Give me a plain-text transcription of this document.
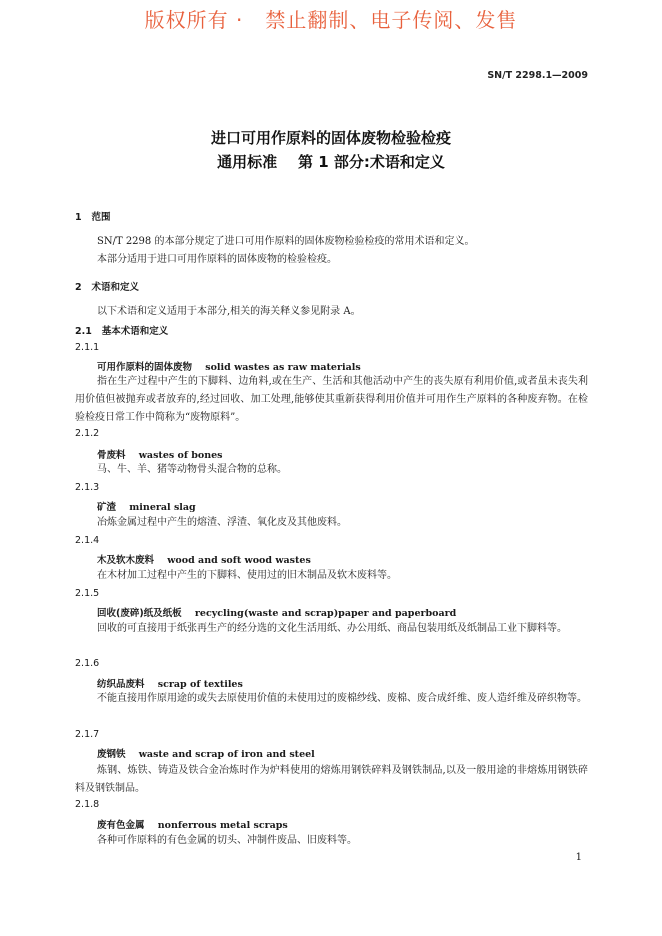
版权所有 ·   禁止翻制、电子传阅、发售
SN/T 2298.1—2009
进口可用作原料的固体废物检验检疫
通用标准    第 1 部分:术语和定义
1   范围
SN/T 2298 的本部分规定了进口可用作原料的固体废物检验检疫的常用术语和定义。
本部分适用于进口可用作原料的固体废物的检验检疫。
2   术语和定义
以下术语和定义适用于本部分,相关的海关释义参见附录 A。
2.1   基本术语和定义
2.1.1
可用作原料的固体废物 solid wastes as raw materials
指在生产过程中产生的下脚料、边角料,或在生产、生活和其他活动中产生的丧失原有利用价值,或者虽未丧失利用价值但被抛弃或者放弃的,经过回收、加工处理,能够使其重新获得利用价值并可用作生产原料的各种废弃物。在检验检疫日常工作中简称为“废物原料”。
2.1.2
骨废料 wastes of bones
马、牛、羊、猪等动物骨头混合物的总称。
2.1.3
矿渣 mineral slag
冶炼金属过程中产生的熔渣、浮渣、氧化皮及其他废料。
2.1.4
木及软木废料 wood and soft wood wastes
在木材加工过程中产生的下脚料、使用过的旧木制品及软木废料等。
2.1.5
回收(废碎)纸及纸板 recycling(waste and scrap)paper and paperboard
回收的可直接用于纸张再生产的经分选的文化生活用纸、办公用纸、商品包装用纸及纸制品工业下脚料等。
2.1.6
纺织品废料 scrap of textiles
不能直接用作原用途的或失去原使用价值的未使用过的废棉纱线、废棉、废合成纤维、废人造纤维及碎织物等。
2.1.7
废钢铁 waste and scrap of iron and steel
炼钢、炼铁、铸造及铁合金冶炼时作为炉料使用的熔炼用钢铁碎料及钢铁制品,以及一般用途的非熔炼用钢铁碎料及钢铁制品。
2.1.8
废有色金属 nonferrous metal scraps
各种可作原料的有色金属的切头、冲制件废品、旧废料等。
1
